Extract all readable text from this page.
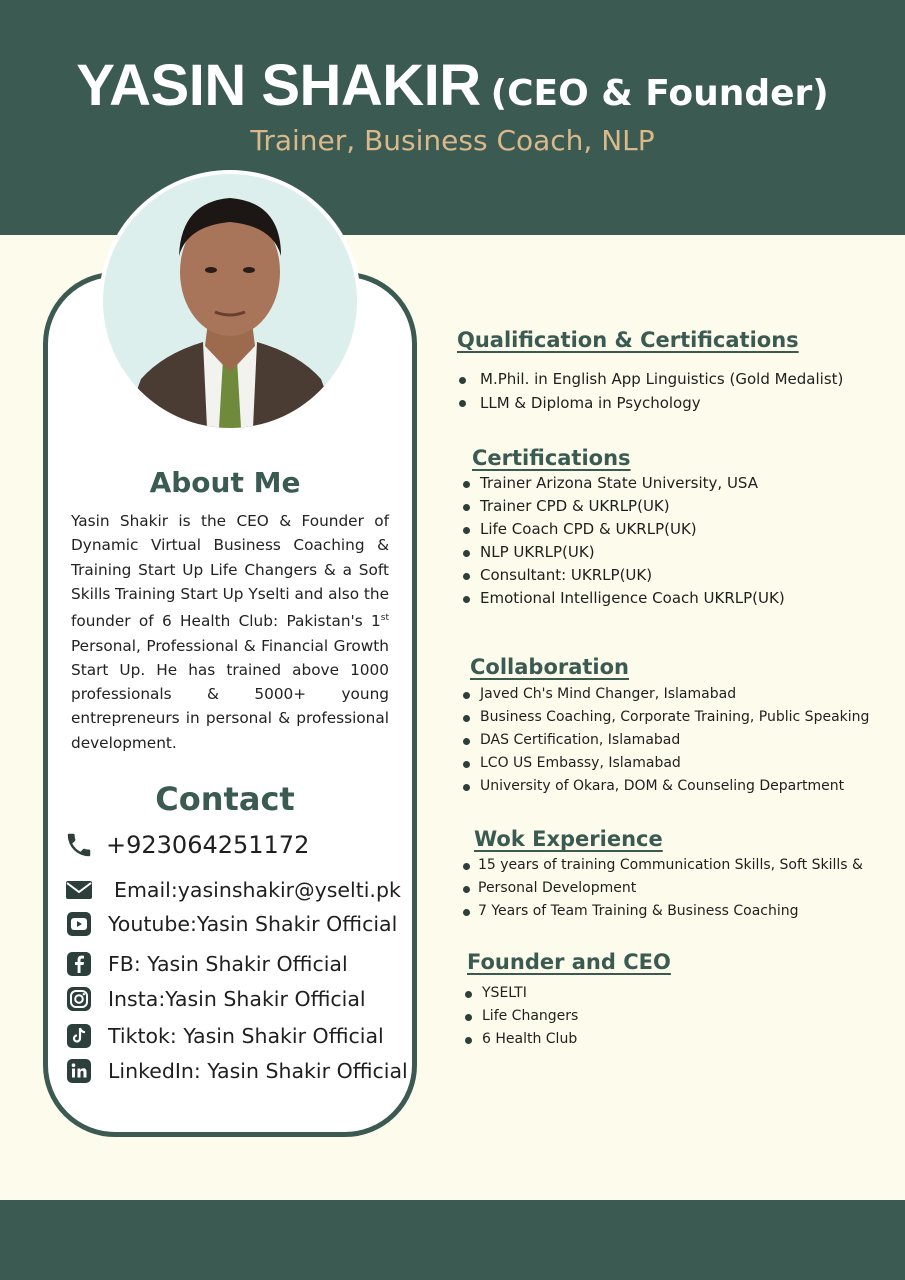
YASIN SHAKIR (CEO & Founder)
Trainer, Business Coach, NLP
About Me
Yasin Shakir is the CEO & Founder of Dynamic Virtual Business Coaching & Training Start Up Life Changers & a Soft Skills Training Start Up Yselti and also the founder of 6 Health Club: Pakistan's 1st Personal, Professional & Financial Growth Start Up. He has trained above 1000 professionals & 5000+ young entrepreneurs in personal & professional development.
Contact
+923064251172
Email:yasinshakir@yselti.pk
Youtube:Yasin Shakir Official
FB: Yasin Shakir Official
Insta:Yasin Shakir Official
Tiktok: Yasin Shakir Official
LinkedIn: Yasin Shakir Official
Qualification & Certifications
M.Phil. in English App Linguistics (Gold Medalist)
LLM & Diploma in Psychology
Certifications
Trainer Arizona State University, USA
Trainer CPD & UKRLP(UK)
Life Coach CPD & UKRLP(UK)
NLP UKRLP(UK)
Consultant: UKRLP(UK)
Emotional Intelligence Coach UKRLP(UK)
Collaboration
Javed Ch's Mind Changer, Islamabad
Business Coaching, Corporate Training, Public Speaking
DAS Certification, Islamabad
LCO US Embassy, Islamabad
University of Okara, DOM & Counseling Department
Wok Experience
15 years of training Communication Skills, Soft Skills &
Personal Development
7 Years of Team Training & Business Coaching
Founder and CEO
YSELTI
Life Changers
6 Health Club
